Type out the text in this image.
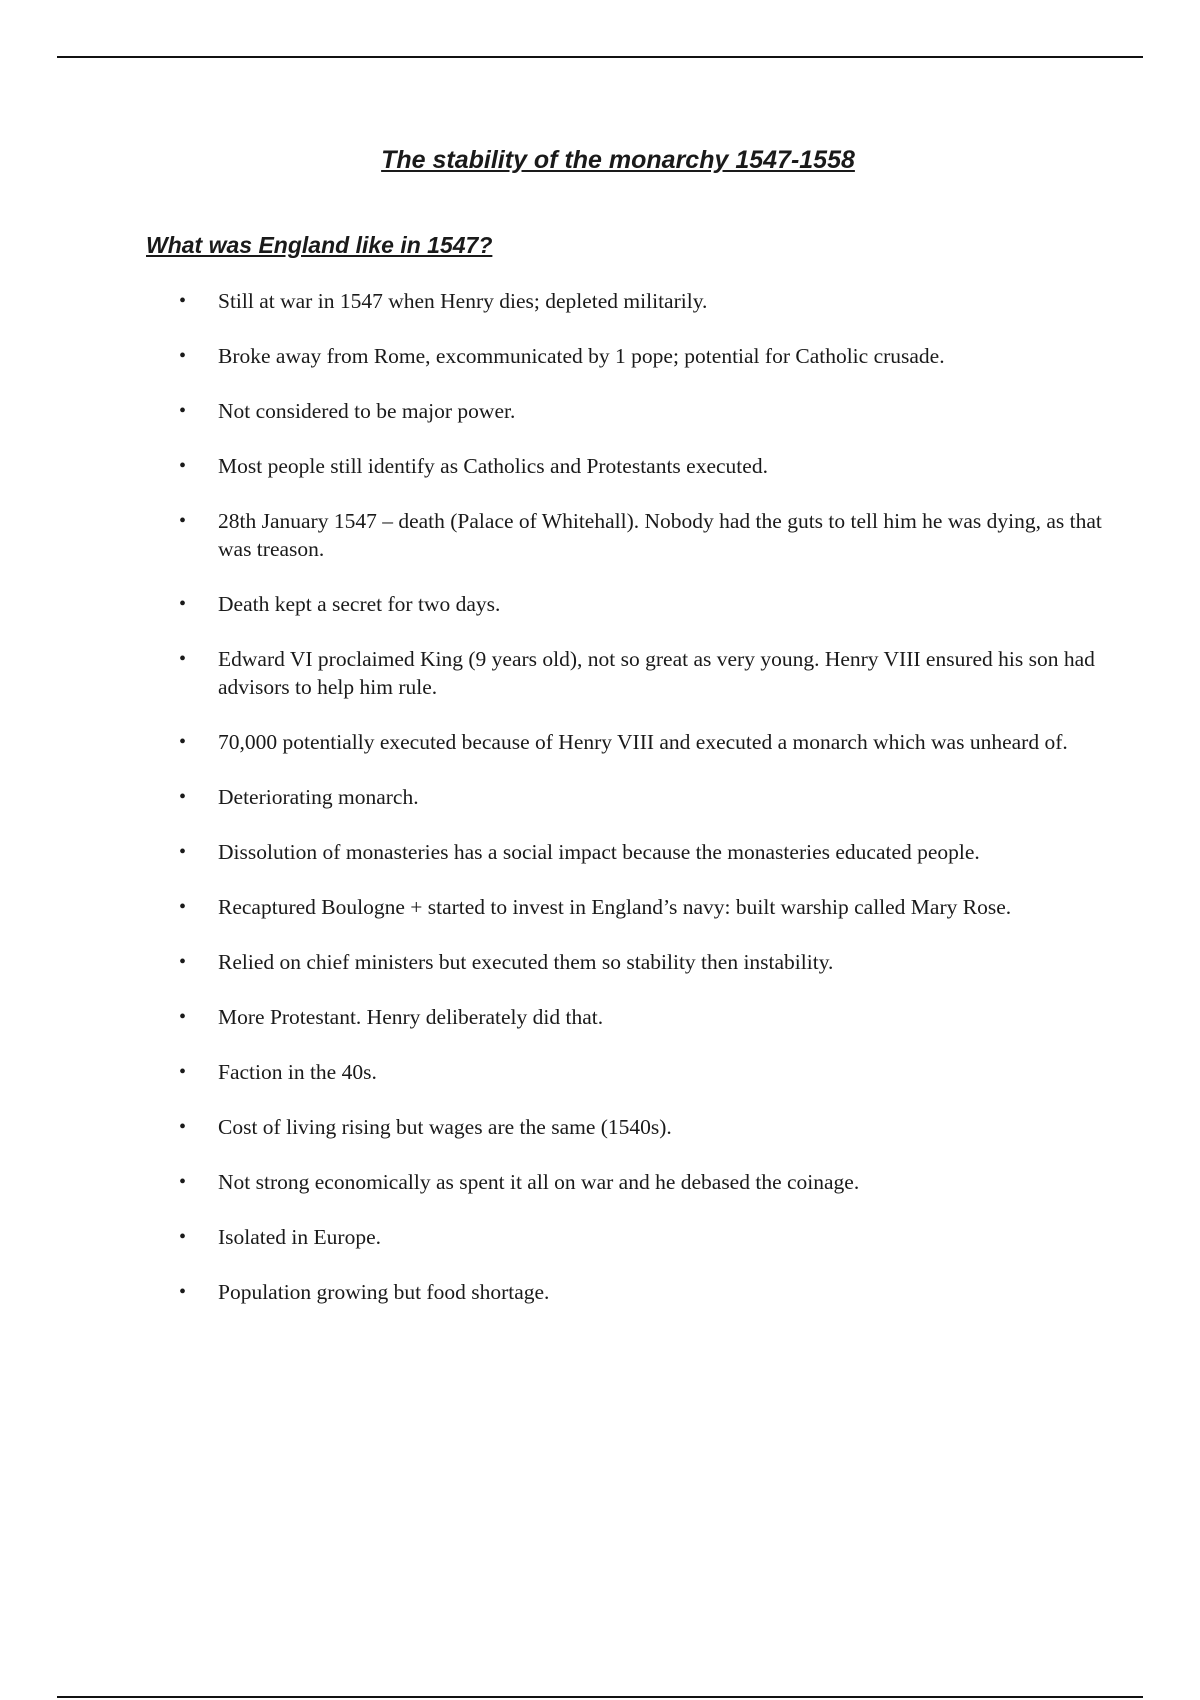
The stability of the monarchy 1547-1558
What was England like in 1547?
• Still at war in 1547 when Henry dies; depleted militarily.
• Broke away from Rome, excommunicated by 1 pope; potential for Catholic crusade.
• Not considered to be major power.
• Most people still identify as Catholics and Protestants executed.
• 28th January 1547 – death (Palace of Whitehall). Nobody had the guts to tell him he was dying, as that was treason.
• Death kept a secret for two days.
• Edward VI proclaimed King (9 years old), not so great as very young. Henry VIII ensured his son had advisors to help him rule.
• 70,000 potentially executed because of Henry VIII and executed a monarch which was unheard of.
• Deteriorating monarch.
• Dissolution of monasteries has a social impact because the monasteries educated people.
• Recaptured Boulogne + started to invest in England’s navy: built warship called Mary Rose.
• Relied on chief ministers but executed them so stability then instability.
• More Protestant. Henry deliberately did that.
• Faction in the 40s.
• Cost of living rising but wages are the same (1540s).
• Not strong economically as spent it all on war and he debased the coinage.
• Isolated in Europe.
• Population growing but food shortage.
